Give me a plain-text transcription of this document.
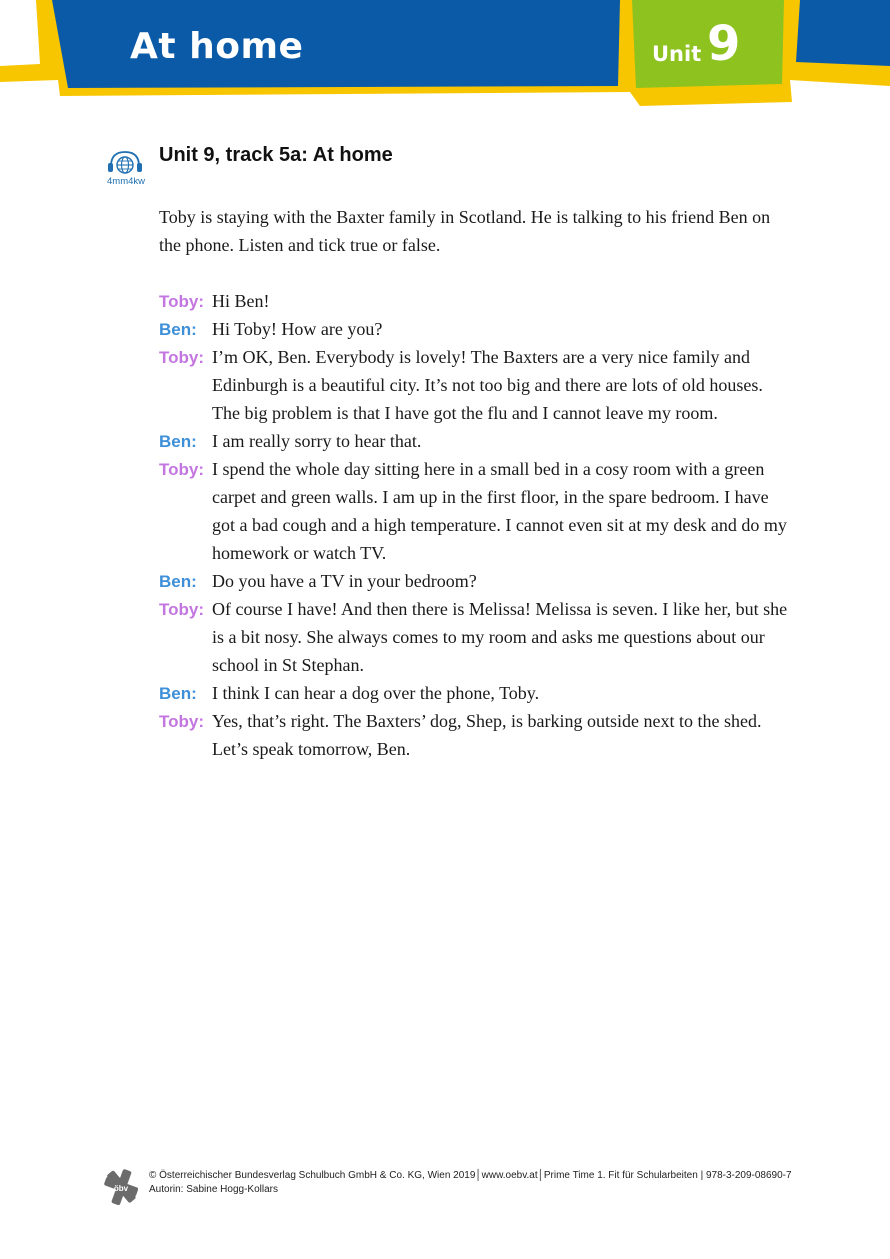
At home	Unit 9
4mm4kw
Unit 9, track 5a: At home

Toby is staying with the Baxter family in Scotland. He is talking to his friend Ben on the phone. Listen and tick true or false.

Toby: Hi Ben!
Ben: Hi Toby! How are you?
Toby: I’m OK, Ben. Everybody is lovely! The Baxters are a very nice family and Edinburgh is a beautiful city. It’s not too big and there are lots of old houses. The big problem is that I have got the flu and I cannot leave my room.
Ben: I am really sorry to hear that.
Toby: I spend the whole day sitting here in a small bed in a cosy room with a green carpet and green walls. I am up in the first floor, in the spare bedroom. I have got a bad cough and a high temperature. I cannot even sit at my desk and do my homework or watch TV.
Ben: Do you have a TV in your bedroom?
Toby: Of course I have! And then there is Melissa! Melissa is seven. I like her, but she is a bit nosy. She always comes to my room and asks me questions about our school in St Stephan.
Ben: I think I can hear a dog over the phone, Toby.
Toby: Yes, that’s right. The Baxters’ dog, Shep, is barking outside next to the shed. Let’s speak tomorrow, Ben.
öbv
© Österreichischer Bundesverlag Schulbuch GmbH & Co. KG, Wien 2019│www.oebv.at│Prime Time 1. Fit für Schularbeiten | 978-3-209-08690-7
Autorin: Sabine Hogg-Kollars
